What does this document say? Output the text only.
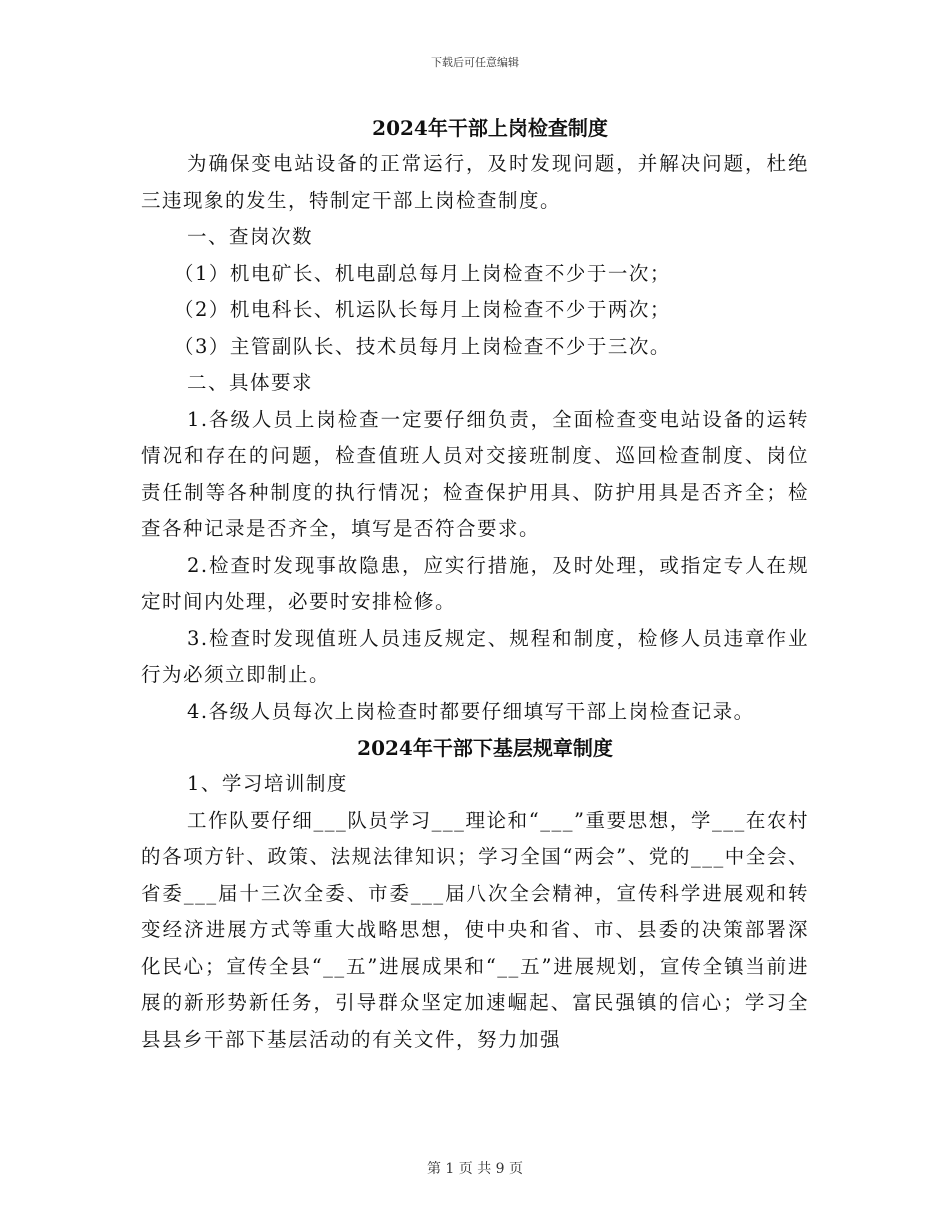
下载后可任意编辑
2024年干部上岗检查制度

为确保变电站设备的正常运行，及时发现问题，并解决问题，杜绝三违现象的发生，特制定干部上岗检查制度。

一、查岗次数

（1）机电矿长、机电副总每月上岗检查不少于一次；

（2）机电科长、机运队长每月上岗检查不少于两次；

（3）主管副队长、技术员每月上岗检查不少于三次。

二、具体要求

1.各级人员上岗检查一定要仔细负责，全面检查变电站设备的运转情况和存在的问题，检查值班人员对交接班制度、巡回检查制度、岗位责任制等各种制度的执行情况；检查保护用具、防护用具是否齐全；检查各种记录是否齐全，填写是否符合要求。

2.检查时发现事故隐患，应实行措施，及时处理，或指定专人在规定时间内处理，必要时安排检修。

3.检查时发现值班人员违反规定、规程和制度，检修人员违章作业行为必须立即制止。

4.各级人员每次上岗检查时都要仔细填写干部上岗检查记录。

2024年干部下基层规章制度

1、学习培训制度

工作队要仔细___队员学习___理论和“___”重要思想，学___在农村的各项方针、政策、法规法律知识；学习全国“两会”、党的___中全会、省委___届十三次全委、市委___届八次全会精神，宣传科学进展观和转变经济进展方式等重大战略思想，使中央和省、市、县委的决策部署深化民心；宣传全县“__五”进展成果和“__五”进展规划，宣传全镇当前进展的新形势新任务，引导群众坚定加速崛起、富民强镇的信心；学习全县县乡干部下基层活动的有关文件，努力加强

第 1 页 共 9 页
